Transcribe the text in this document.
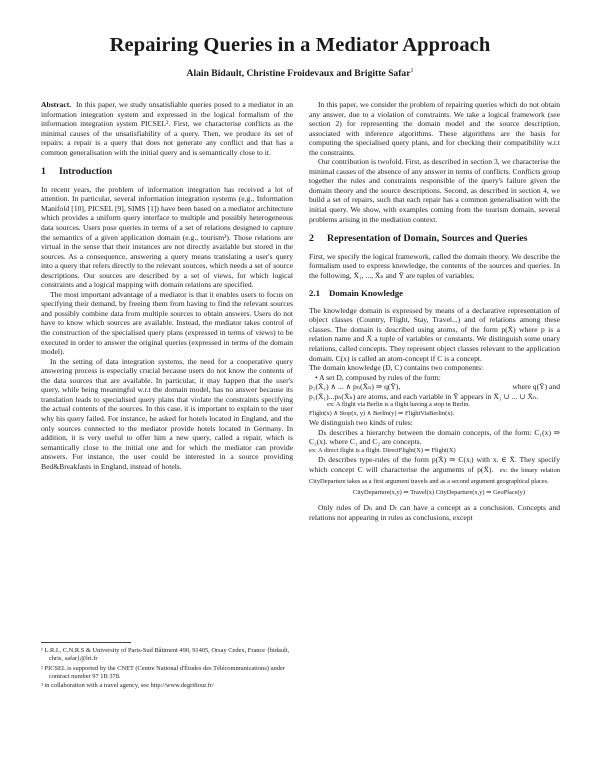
Repairing Queries in a Mediator Approach
Alain Bidault, Christine Froidevaux and Brigitte Safar$^1$

Abstract. In this paper, we study unsatisfiable queries posed to a mediator in an information integration system and expressed in the logical formalism of the information integration system PICSEL². First, we characterise conflicts as the minimal causes of the unsatisfiability of a query. Then, we produce its set of repairs: a repair is a query that does not generate any conflict and that has a common generalisation with the initial query and is semantically close to it.

1 Introduction

In recent years, the problem of information integration has received a lot of attention. In particular, several information integration systems (e.g., Information Manifold [10], PICSEL [9], SIMS [1]) have been based on a mediator architecture which provides a uniform query interface to multiple and possibly heterogeneous data sources. Users pose queries in terms of a set of relations designed to capture the semantics of a given application domain (e.g., tourism³). Those relations are virtual in the sense that their instances are not directly available but stored in the sources. As a consequence, answering a query means translating a user's query into a query that refers directly to the relevant sources, which needs a set of source descriptions. Our sources are described by a set of views, for which logical constraints and a logical mapping with domain relations are specified.

The most important advantage of a mediator is that it enables users to focus on specifying their demand, by freeing them from having to find the relevant sources and possibly combine data from multiple sources to obtain answers. Users do not have to know which sources are available. Instead, the mediator takes control of the construction of the specialised query plans (expressed in terms of views) to be executed in order to answer the original queries (expressed in terms of the domain model).

In the setting of data integration systems, the need for a cooperative query answering process is especially crucial because users do not know the contents of the data sources that are available. In particular, it may happen that the user's query, while being meaningful w.r.t the domain model, has no answer because its translation leads to specialised query plans that violate the constraints specifying the actual contents of the sources. In this case, it is important to explain to the user why his query failed. For instance, he asked for hotels located in England, and the only sources connected to the mediator provide hotels located in Germany. In addition, it is very useful to offer him a new query, called a repair, which is semantically close to the initial one and for which the mediator can provide answers. For instance, the user could be interested in a source providing Bed&Breakfasts in England, instead of hotels.

¹ L.R.I., C.N.R.S & University of Paris-Sud Bâtiment 490, 91405, Orsay Cedex, France {bidault, chris, safar}@lri.fr

² PICSEL is supported by the CNET (Centre National d'Études des Télécommunications) under contract number 97 1B 378.

³ in collaboration with a travel agency, see http://www.degriftour.fr/

In this paper, we consider the problem of repairing queries which do not obtain any answer, due to a violation of constraints. We take a logical framework (see section 2) for representing the domain model and the source description, associated with inference algorithms. These algorithms are the basis for computing the specialised query plans, and for checking their compatibility w.r.t the constraints.

Our contribution is twofold. First, as described in section 3, we characterise the minimal causes of the absence of any answer in terms of conflicts. Conflicts group together the rules and constraints responsible of the query's failure given the domain theory and the source descriptions. Second, as described in section 4, we build a set of repairs, such that each repair has a common generalisation with the initial query. We show, with examples coming from the tourism domain, several problems arising in the mediation context.

2 Representation of Domain, Sources and Queries

First, we specify the logical framework, called the domain theory. We describe the formalism used to express knowledge, the contents of the sources and queries. In the following, X̄₁, ..., X̄ₙ and Ȳ are tuples of variables.

2.1 Domain Knowledge

The knowledge domain is expressed by means of a declarative representation of object classes (Country, Flight, Stay, Travel...) and of relations among these classes. The domain is described using atoms, of the form p(X̄) where p is a relation name and X̄ a tuple of variables or constants. We distinguish some unary relations, called concepts. They represent object classes relevant to the application domain. C(x) is called an atom-concept if C is a concept.

The domain knowledge (D, C) contains two components:

• A set D, composed by rules of the form:

p₁(X̄₁) ∧ ... ∧ pₙ(X̄ₙ) ⇒ q(Ȳ),	where q(Ȳ) and

p₁(X̄₁)...pₙ(X̄ₙ) are atoms, and each variable in Ȳ appears in X̄₁ ∪ ... ∪ X̄ₙ.

ex: A flight via Berlin is a flight having a stop in Berlin.

Flight(x) ∧ Stop(x, y) ∧ Berlin(y) ⇒ FlightViaBerlin(x).

We distinguish two kinds of rules:

Dₕ describes a hierarchy between the domain concepts, of the form: C₁(x) ⇒ C₂(x). where C₁ and C₂ are concepts.

ex: A direct flight is a flight. DirectFlight(X) ⇒ Flight(X)

Dₜ describes type-rules of the form p(X̄) ⇒ C(xᵢ) with xᵢ ∈ X̄. They specify which concept C will characterise the arguments of p(X̄). ex: the binary relation CityDeparture takes as a first argument travels and as a second argument geographical places.

CityDeparture(x,y) ⇒ Travel(x) CityDeparture(x,y) ⇒ GeoPlace(y)

Only rules of Dₕ and Dₜ can have a concept as a conclusion. Concepts and relations not appearing in rules as conclusions, except
